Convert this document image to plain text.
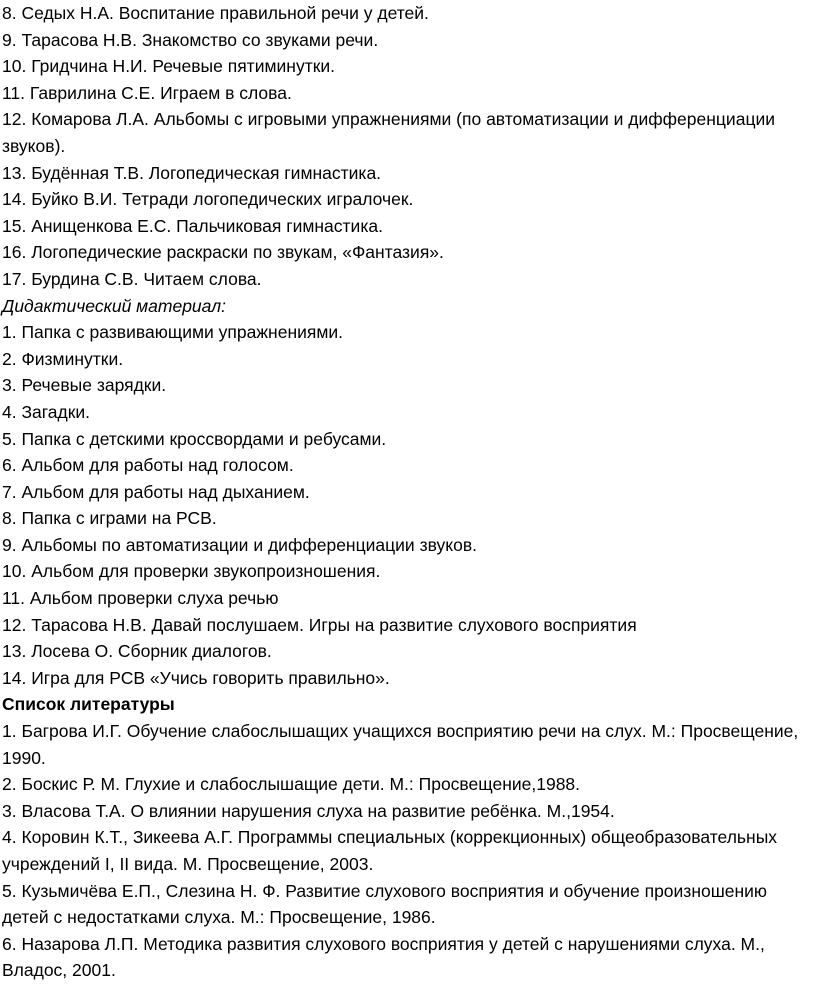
8. Седых Н.А. Воспитание правильной речи у детей.
9. Тарасова Н.В. Знакомство со звуками речи.
10. Гридчина Н.И. Речевые пятиминутки.
11. Гаврилина С.Е. Играем в слова.
12. Комарова Л.А. Альбомы с игровыми упражнениями (по автоматизации и дифференциации звуков).
13. Будённая Т.В. Логопедическая гимнастика.
14. Буйко В.И. Тетради логопедических игралочек.
15. Анищенкова Е.С. Пальчиковая гимнастика.
16. Логопедические раскраски по звукам, «Фантазия».
17. Бурдина С.В. Читаем слова.
Дидактический материал:
1. Папка с развивающими упражнениями.
2. Физминутки.
3. Речевые зарядки.
4. Загадки.
5. Папка с детскими кроссвордами и ребусами.
6. Альбом для работы над голосом.
7. Альбом для работы над дыханием.
8. Папка с играми на РСВ.
9. Альбомы по автоматизации и дифференциации звуков.
10. Альбом для проверки звукопроизношения.
11. Альбом проверки слуха речью
12. Тарасова Н.В. Давай послушаем. Игры на развитие слухового восприятия
13. Лосева О. Сборник диалогов.
14. Игра для РСВ «Учись говорить правильно».
Список литературы
1. Багрова И.Г. Обучение слабослышащих учащихся восприятию речи на слух. М.: Просвещение, 1990.
2. Боскис Р. М. Глухие и слабослышащие дети. М.: Просвещение,1988.
3. Власова Т.А. О влиянии нарушения слуха на развитие ребёнка. М.,1954.
4. Коровин К.Т., Зикеева А.Г. Программы специальных (коррекционных) общеобразовательных учреждений I, II вида. М. Просвещение, 2003.
5. Кузьмичёва Е.П., Слезина Н. Ф. Развитие слухового восприятия и обучение произношению детей с недостатками слуха. М.: Просвещение, 1986.
6. Назарова Л.П. Методика развития слухового восприятия у детей с нарушениями слуха. М., Владос, 2001.
